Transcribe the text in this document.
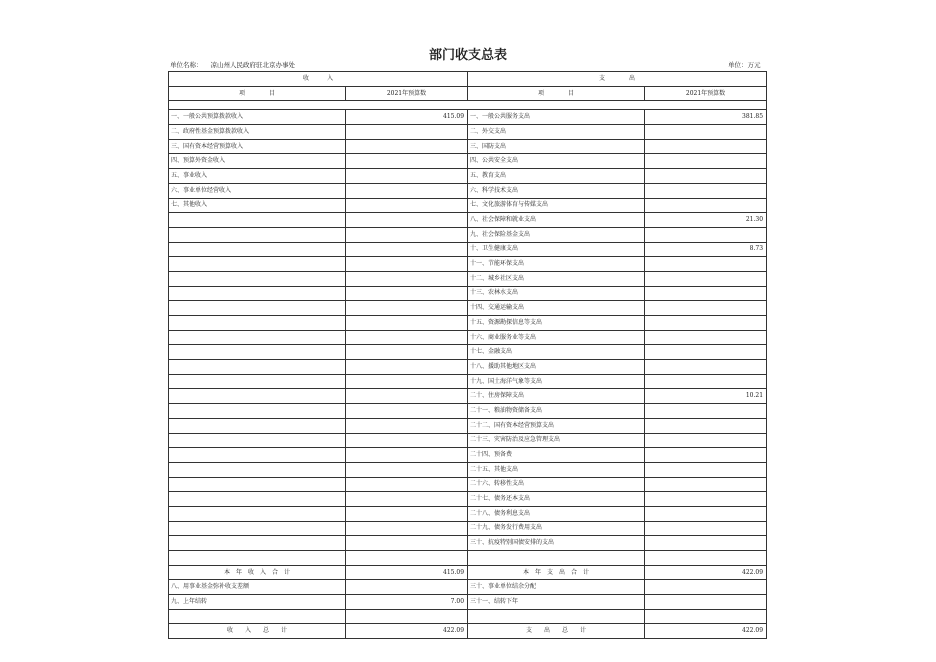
部门收支总表
单位名称： 凉山州人民政府驻北京办事处	单位：万元
收　　　入		支　　　　出	
项　　　　目	2021年预算数	项　　　　目	2021年预算数

一、一般公共预算拨款收入	415.09	一、一般公共服务支出	381.85
二、政府性基金预算拨款收入		二、外交支出	
三、国有资本经营预算收入		三、国防支出	
四、预算外资金收入		四、公共安全支出	
五、事业收入		五、教育支出	
六、事业单位经营收入		六、科学技术支出	
七、其他收入		七、文化旅游体育与传媒支出	
		八、社会保障和就业支出	21.30
		九、社会保险基金支出	
		十、卫生健康支出	8.73
		十一、节能环保支出	
		十二、城乡社区支出	
		十三、农林水支出	
		十四、交通运输支出	
		十五、资源勘探信息等支出	
		十六、商业服务业等支出	
		十七、金融支出	
		十八、援助其他地区支出	
		十九、国土海洋气象等支出	
		二十、住房保障支出	10.21
		二十一、粮油物资储备支出	
		二十二、国有资本经营预算支出	
		二十三、灾害防治及应急管理支出	
		二十四、预备费	
		二十五、其他支出	
		二十六、转移性支出	
		二十七、债务还本支出	
		二十八、债务利息支出	
		二十九、债务发行费用支出	
		三十、抗疫特别国债安排的支出	

本　年　收　入　合　计	415.09	本　年　支　出　合　计	422.09
八、用事业基金弥补收支差额		三十、事业单位结余分配	
九、上年结转	7.00	三十一、结转下年	

收　　入　　总　　计	422.09	支　　出　　总　　计	422.09
